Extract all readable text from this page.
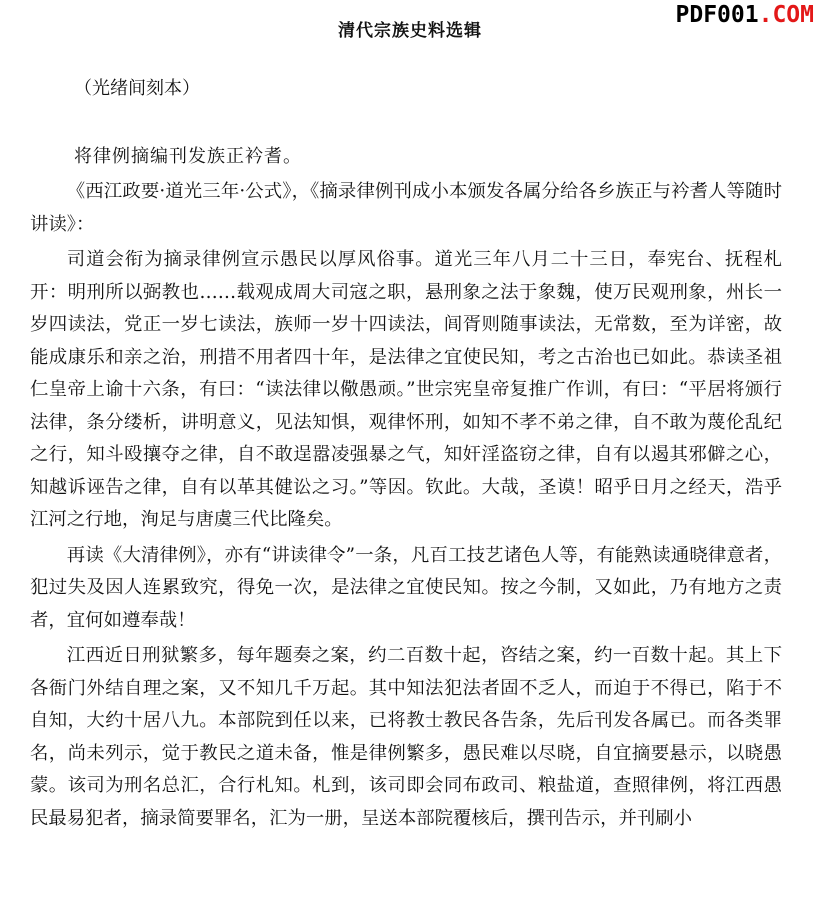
清代宗族史料选辑
PDF001.COM

（光绪间刻本）

将律例摘编刊发族正衿耆。

《西江政要·道光三年·公式》，《摘录律例刊成小本颁发各属分给各乡族正与衿耆人等随时讲读》：

司道会衔为摘录律例宣示愚民以厚风俗事。道光三年八月二十三日，奉宪台、抚程札开：明刑所以弼教也……载观成周大司寇之职，悬刑象之法于象魏，使万民观刑象，州长一岁四读法，党正一岁七读法，族师一岁十四读法，闾胥则随事读法，无常数，至为详密，故能成康乐和亲之治，刑措不用者四十年，是法律之宜使民知，考之古治也已如此。恭读圣祖仁皇帝上谕十六条，有曰：“读法律以儆愚顽。”世宗宪皇帝复推广作训，有曰：“平居将颁行法律，条分缕析，讲明意义，见法知惧，观律怀刑，如知不孝不弟之律，自不敢为蔑伦乱纪之行，知斗殴攘夺之律，自不敢逞嚣凌强暴之气，知奸淫盗窃之律，自有以遏其邪僻之心，知越诉诬告之律，自有以革其健讼之习。”等因。钦此。大哉，圣谟！昭乎日月之经天，浩乎江河之行地，洵足与唐虞三代比隆矣。

再读《大清律例》，亦有“讲读律令”一条，凡百工技艺诸色人等，有能熟读通晓律意者，犯过失及因人连累致究，得免一次，是法律之宜使民知。按之今制，又如此，乃有地方之责者，宜何如遵奉哉！

江西近日刑狱繁多，每年题奏之案，约二百数十起，咨结之案，约一百数十起。其上下各衙门外结自理之案，又不知几千万起。其中知法犯法者固不乏人，而迫于不得已，陷于不自知，大约十居八九。本部院到任以来，已将教士教民各告条，先后刊发各属已。而各类罪名，尚未列示，觉于教民之道未备，惟是律例繁多，愚民难以尽晓，自宜摘要悬示，以晓愚蒙。该司为刑名总汇，合行札知。札到，该司即会同布政司、粮盐道，查照律例，将江西愚民最易犯者，摘录简要罪名，汇为一册，呈送本部院覆核后，撰刊告示，并刊刷小
